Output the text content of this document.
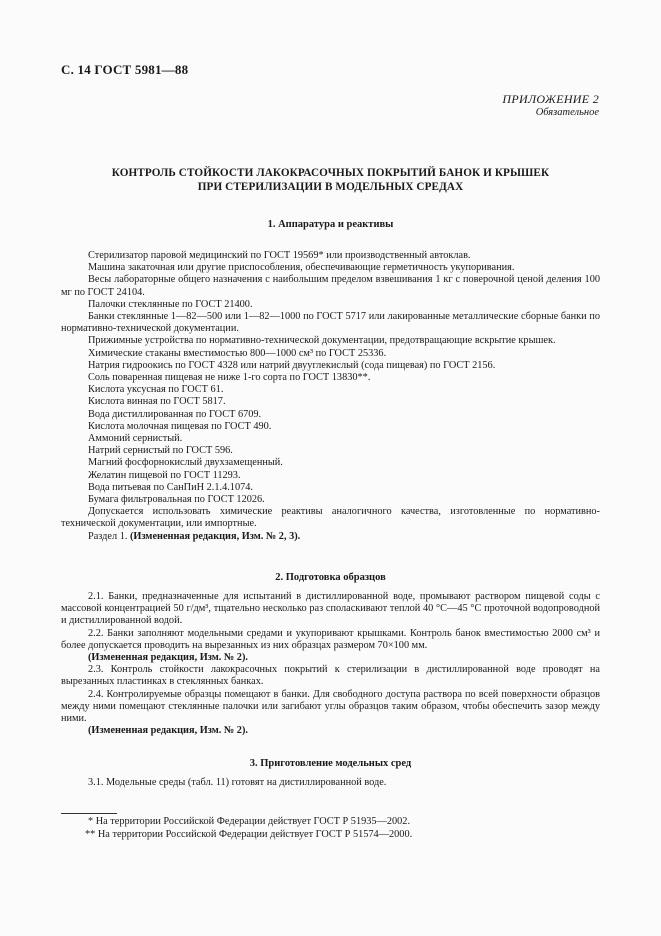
С. 14 ГОСТ 5981—88
ПРИЛОЖЕНИЕ 2
Обязательное
КОНТРОЛЬ СТОЙКОСТИ ЛАКОКРАСОЧНЫХ ПОКРЫТИЙ БАНОК И КРЫШЕК
ПРИ СТЕРИЛИЗАЦИИ В МОДЕЛЬНЫХ СРЕДАХ
1. Аппаратура и реактивы

Стерилизатор паровой медицинский по ГОСТ 19569* или производственный автоклав.

Машина закаточная или другие приспособления, обеспечивающие герметичность укупоривания.

Весы лабораторные общего назначения с наибольшим пределом взвешивания 1 кг с поверочной ценой деления 100 мг по ГОСТ 24104.

Палочки стеклянные по ГОСТ 21400.

Банки стеклянные 1—82—500 или 1—82—1000 по ГОСТ 5717 или лакированные металлические сборные банки по нормативно-технической документации.

Прижимные устройства по нормативно-технической документации, предотвращающие вскрытие крышек.

Химические стаканы вместимостью 800—1000 см³ по ГОСТ 25336.

Натрия гидроокись по ГОСТ 4328 или натрий двууглекислый (сода пищевая) по ГОСТ 2156.

Соль поваренная пищевая не ниже 1-го сорта по ГОСТ 13830**.

Кислота уксусная по ГОСТ 61.

Кислота винная по ГОСТ 5817.

Вода дистиллированная по ГОСТ 6709.

Кислота молочная пищевая по ГОСТ 490.

Аммоний сернистый.

Натрий сернистый по ГОСТ 596.

Магний фосфорнокислый двухзамещенный.

Желатин пищевой по ГОСТ 11293.

Вода питьевая по СанПиН 2.1.4.1074.

Бумага фильтровальная по ГОСТ 12026.

Допускается использовать химические реактивы аналогичного качества, изготовленные по нормативно-технической документации, или импортные.

Раздел 1. (Измененная редакция, Изм. № 2, 3).

2. Подготовка образцов

2.1. Банки, предназначенные для испытаний в дистиллированной воде, промывают раствором пищевой соды с массовой концентрацией 50 г/дм³, тщательно несколько раз споласкивают теплой 40 °С—45 °С проточной водопроводной и дистиллированной водой.

2.2. Банки заполняют модельными средами и укупоривают крышками. Контроль банок вместимостью 2000 см³ и более допускается проводить на вырезанных из них образцах размером 70×100 мм.

(Измененная редакция, Изм. № 2).

2.3. Контроль стойкости лакокрасочных покрытий к стерилизации в дистиллированной воде проводят на вырезанных пластинках в стеклянных банках.

2.4. Контролируемые образцы помещают в банки. Для свободного доступа раствора по всей поверхности образцов между ними помещают стеклянные палочки или загибают углы образцов таким образом, чтобы обеспечить зазор между ними.

(Измененная редакция, Изм. № 2).

3. Приготовление модельных сред

3.1. Модельные среды (табл. 11) готовят на дистиллированной воде.

* На территории Российской Федерации действует ГОСТ Р 51935—2002.
** На территории Российской Федерации действует ГОСТ Р 51574—2000.
